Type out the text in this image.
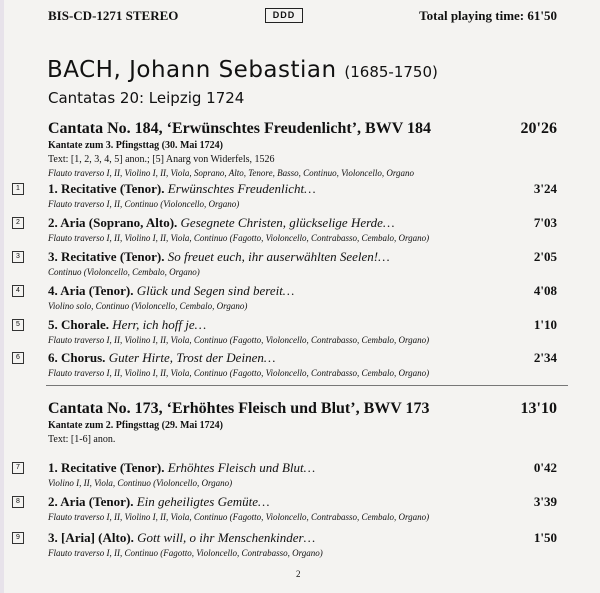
BIS-CD-1271 STEREO	DDD	Total playing time: 61'50
BACH, Johann Sebastian (1685-1750)
Cantatas 20: Leipzig 1724
Cantata No. 184, ‘Erwünschtes Freudenlicht’, BWV 184	20'26
Kantate zum 3. Pfingsttag (30. Mai 1724)
Text: [1, 2, 3, 4, 5] anon.; [5] Anarg von Widerfels, 1526
Flauto traverso I, II, Violino I, II, Viola, Soprano, Alto, Tenore, Basso, Continuo, Violoncello, Organo
1	1. Recitative (Tenor). Erwünschtes Freudenlicht…	3'24
Flauto traverso I, II, Continuo (Violoncello, Organo)
2	2. Aria (Soprano, Alto). Gesegnete Christen, glückselige Herde…	7'03
Flauto traverso I, II, Violino I, II, Viola, Continuo (Fagotto, Violoncello, Contrabasso, Cembalo, Organo)
3	3. Recitative (Tenor). So freuet euch, ihr auserwählten Seelen!…	2'05
Continuo (Violoncello, Cembalo, Organo)
4	4. Aria (Tenor). Glück und Segen sind bereit…	4'08
Violino solo, Continuo (Violoncello, Cembalo, Organo)
5	5. Chorale. Herr, ich hoff je…	1'10
Flauto traverso I, II, Violino I, II, Viola, Continuo (Fagotto, Violoncello, Contrabasso, Cembalo, Organo)
6	6. Chorus. Guter Hirte, Trost der Deinen…	2'34
Flauto traverso I, II, Violino I, II, Viola, Continuo (Fagotto, Violoncello, Contrabasso, Cembalo, Organo)
Cantata No. 173, ‘Erhöhtes Fleisch und Blut’, BWV 173	13'10
Kantate zum 2. Pfingsttag (29. Mai 1724)
Text: [1-6] anon.
7	1. Recitative (Tenor). Erhöhtes Fleisch und Blut…	0'42
Violino I, II, Viola, Continuo (Violoncello, Organo)
8	2. Aria (Tenor). Ein geheiligtes Gemüte…	3'39
Flauto traverso I, II, Violino I, II, Viola, Continuo (Fagotto, Violoncello, Contrabasso, Cembalo, Organo)
9	3. [Aria] (Alto). Gott will, o ihr Menschenkinder…	1'50
Flauto traverso I, II, Continuo (Fagotto, Violoncello, Contrabasso, Organo)
2
